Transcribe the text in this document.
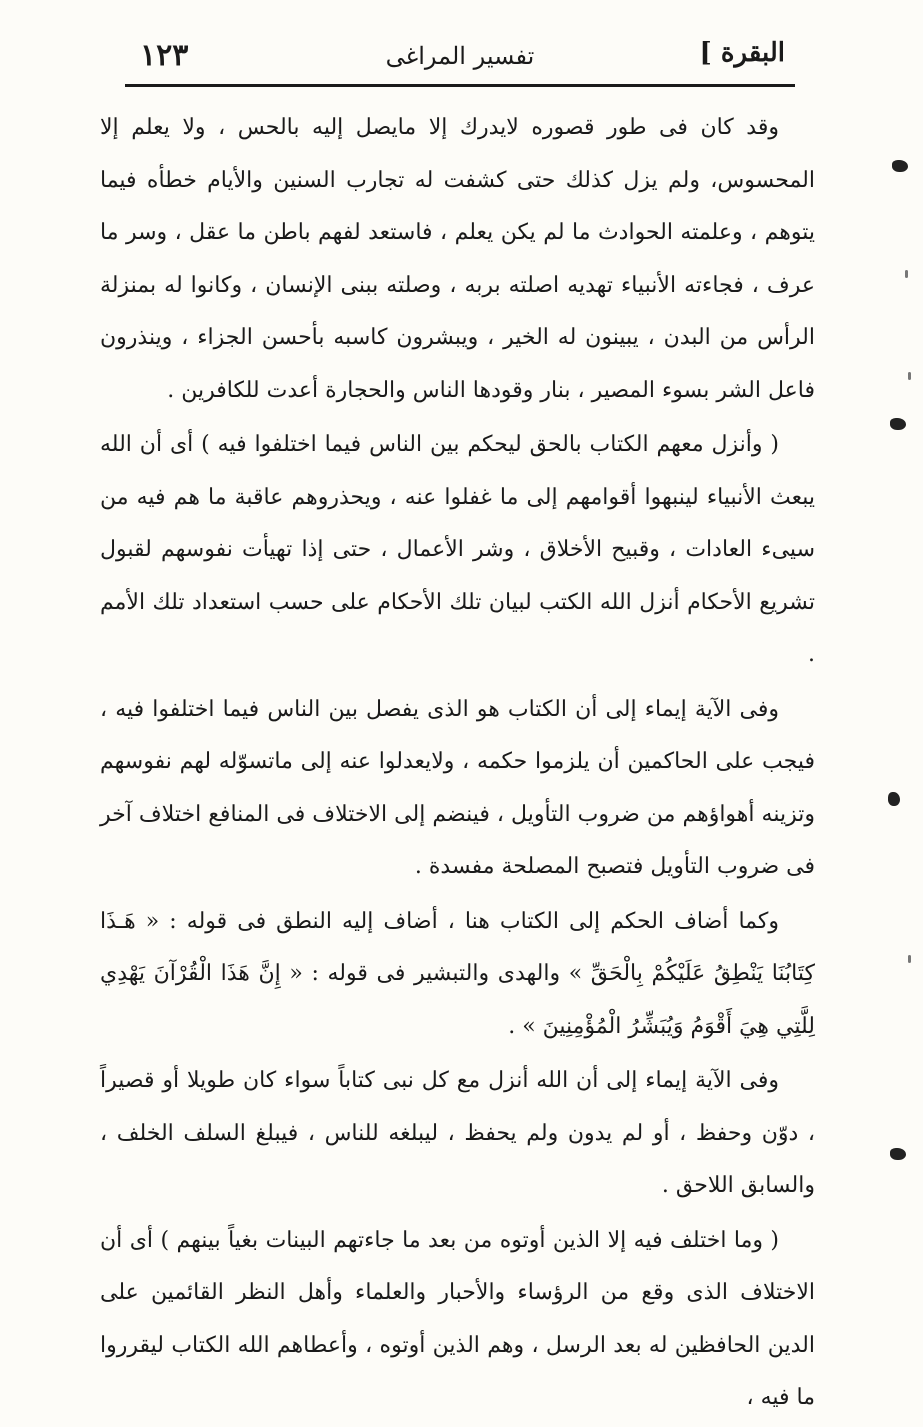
البقرة ]
تفسير المراغى
١٢٣

وقد كان فى طور قصوره لايدرك إلا مايصل إليه بالحس ، ولا يعلم إلا المحسوس، ولم يزل كذلك حتى كشفت له تجارب السنين والأيام خطأه فيما يتوهم ، وعلمته الحوادث ما لم يكن يعلم ، فاستعد لفهم باطن ما عقل ، وسر ما عرف ، فجاءته الأنبياء تهديه اصلته بربه ، وصلته ببنى الإنسان ، وكانوا له بمنزلة الرأس من البدن ، يبينون له الخير ، ويبشرون كاسبه بأحسن الجزاء ، وينذرون فاعل الشر بسوء المصير ، بنار وقودها الناس والحجارة أعدت للكافرين .

( وأنزل معهم الكتاب بالحق ليحكم بين الناس فيما اختلفوا فيه ) أى أن الله يبعث الأنبياء لينبهوا أقوامهم إلى ما غفلوا عنه ، ويحذروهم عاقبة ما هم فيه من سيىء العادات ، وقبيح الأخلاق ، وشر الأعمال ، حتى إذا تهيأت نفوسهم لقبول تشريع الأحكام أنزل الله الكتب لبيان تلك الأحكام على حسب استعداد تلك الأمم .

وفى الآية إيماء إلى أن الكتاب هو الذى يفصل بين الناس فيما اختلفوا فيه ، فيجب على الحاكمين أن يلزموا حكمه ، ولايعدلوا عنه إلى ماتسوّله لهم نفوسهم وتزينه أهواؤهم من ضروب التأويل ، فينضم إلى الاختلاف فى المنافع اختلاف آخر فى ضروب التأويل فتصبح المصلحة مفسدة .

وكما أضاف الحكم إلى الكتاب هنا ، أضاف إليه النطق فى قوله : « هَـذَا كِتَابُنَا يَنْطِقُ عَلَيْكُمْ بِالْحَقِّ » والهدى والتبشير فى قوله : « إِنَّ هَذَا الْقُرْآنَ يَهْدِي لِلَّتِي هِيَ أَقْوَمُ وَيُبَشِّرُ الْمُؤْمِنِينَ » .

وفى الآية إيماء إلى أن الله أنزل مع كل نبى كتاباً سواء كان طويلا أو قصيراً ، دوّن وحفظ ، أو لم يدون ولم يحفظ ، ليبلغه للناس ، فيبلغ السلف الخلف ، والسابق اللاحق .

( وما اختلف فيه إلا الذين أوتوه من بعد ما جاءتهم البينات بغياً بينهم ) أى أن الاختلاف الذى وقع من الرؤساء والأحبار والعلماء وأهل النظر القائمين على الدين الحافظين له بعد الرسل ، وهم الذين أوتوه ، وأعطاهم الله الكتاب ليقرروا ما فيه ،
